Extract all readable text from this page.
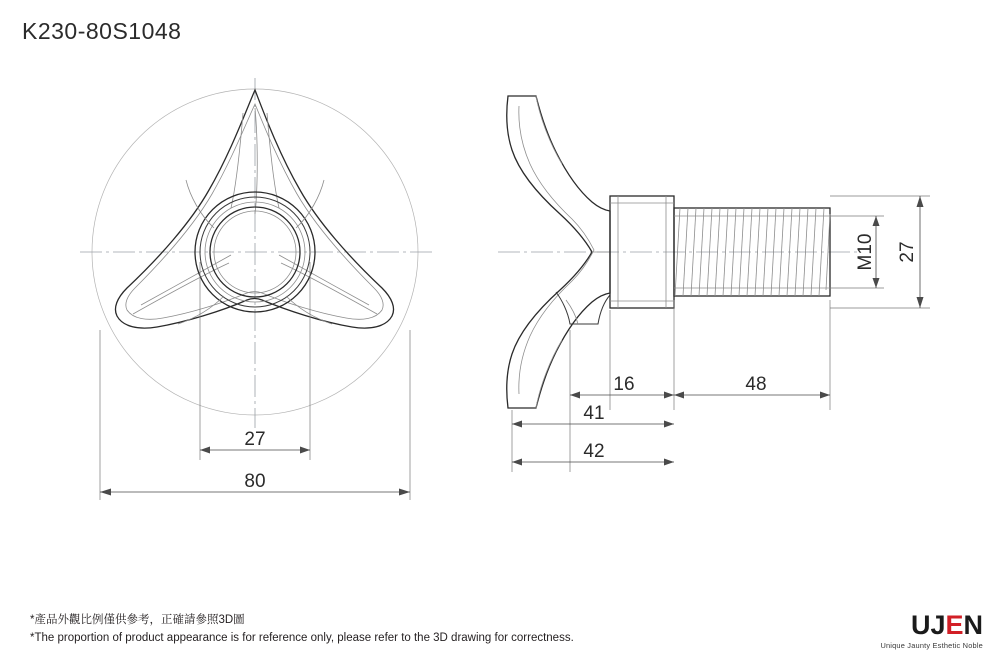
K230-80S1048
27
80
M10 27
16	48
41
42
*產品外觀比例僅供參考，正確請參照3D圖
*The proportion of product appearance is for reference only, please refer to the 3D drawing for correctness.	UJEN
Unique Jaunty Esthetic Noble
